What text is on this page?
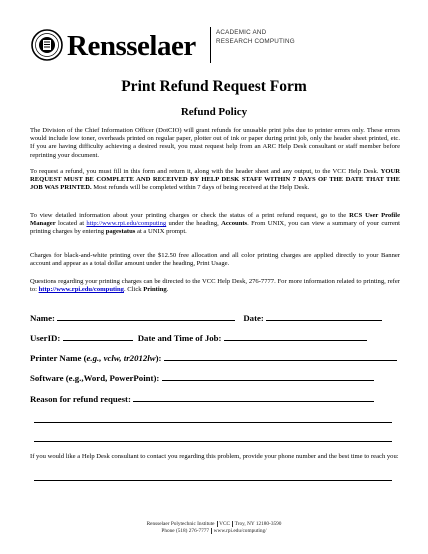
Rensselaer	ACADEMIC AND
RESEARCH COMPUTING
Print Refund Request Form
Refund Policy

The Division of the Chief Information Officer (DotCIO) will grant refunds for unusable print jobs due to printer errors only. These errors would include low toner, overheads printed on regular paper, plotter out of ink or paper during print job, only the header sheet printed, etc. If you are having difficulty achieving a desired result, you must request help from an ARC Help Desk consultant or staff member before reprinting your document.

To request a refund, you must fill in this form and return it, along with the header sheet and any output, to the VCC Help Desk. YOUR REQUEST MUST BE COMPLETE AND RECEIVED BY HELP DESK STAFF WITHIN 7 DAYS OF THE DATE THAT THE JOB WAS PRINTED. Most refunds will be completed within 7 days of being received at the Help Desk.

To view detailed information about your printing charges or check the status of a print refund request, go to the RCS User Profile Manager located at http://www.rpi.edu/computing under the heading, Accounts. From UNIX, you can view a summary of your current printing charges by entering pagestatus at a UNIX prompt.

Charges for black-and-white printing over the $12.50 free allocation and all color printing charges are applied directly to your Banner account and appear as a total dollar amount under the heading, Print Usage.

Questions regarding your printing charges can be directed to the VCC Help Desk, 276-7777. For more information related to printing, refer to: http://www.rpi.edu/computing. Click Printing.

Name:	Date:
UserID:	Date and Time of Job:
Printer Name (e.g., vclw, tr2012lw):
Software (e.g.,Word, PowerPoint):
Reason for refund request:

If you would like a Help Desk consultant to contact you regarding this problem, provide your phone number and the best time to reach you:

Rensselaer Polytechnic Institute VCC Troy, NY 12180-3590
Phone (518) 276-7777 www.rpi.edu/computing/
